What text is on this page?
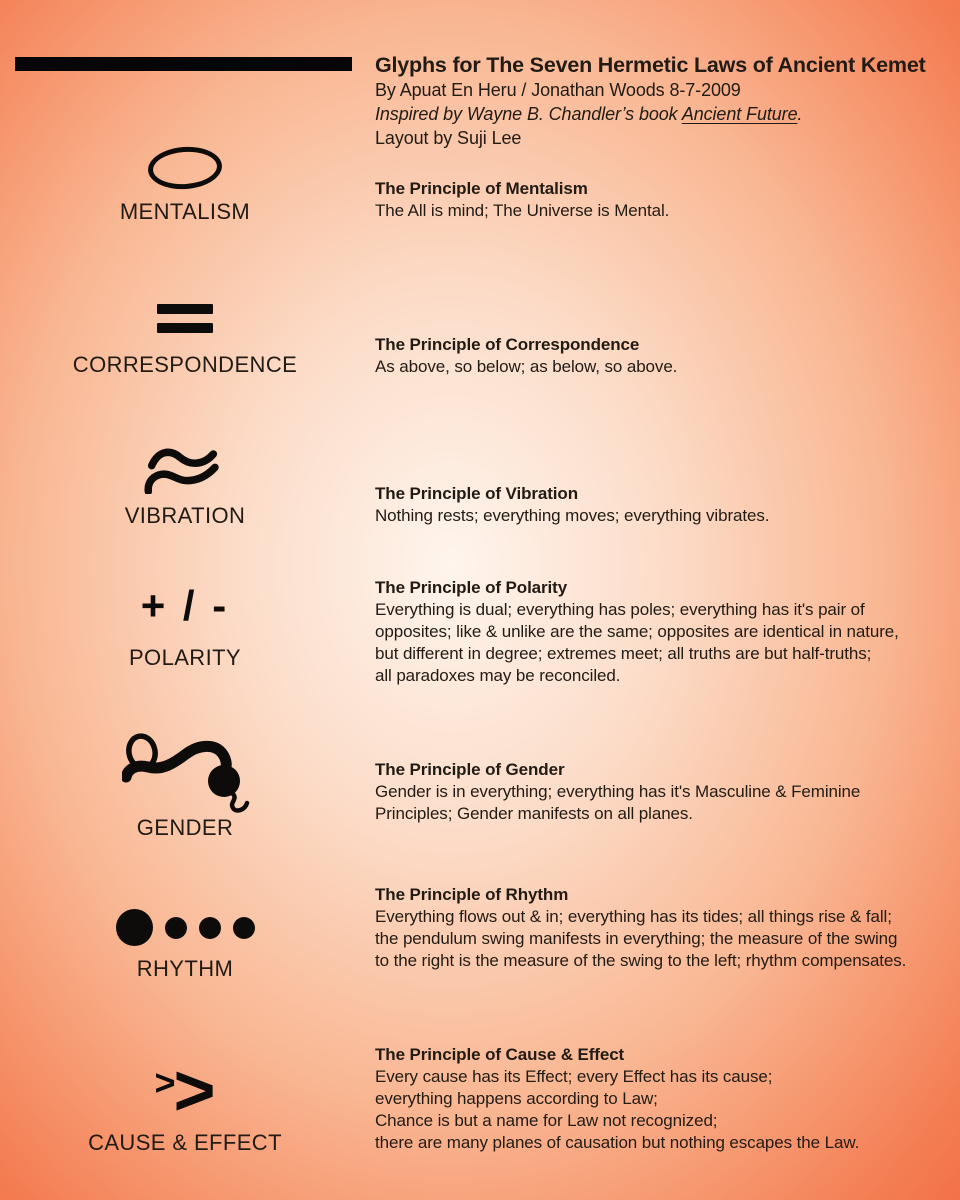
Glyphs for The Seven Hermetic Laws of Ancient Kemet
By Apuat En Heru / Jonathan Woods 8-7-2009
Inspired by Wayne B. Chandler’s book Ancient Future.
Layout by Suji Lee
MENTALISM
The Principle of Mentalism
The All is mind; The Universe is Mental.
CORRESPONDENCE
The Principle of Correspondence
As above, so below; as below, so above.
VIBRATION
The Principle of Vibration
Nothing rests; everything moves; everything vibrates.
+ / -
POLARITY
The Principle of Polarity
Everything is dual; everything has poles; everything has it's pair of
opposites; like & unlike are the same; opposites are identical in nature,
but different in degree; extremes meet; all truths are but half-truths;
all paradoxes may be reconciled.
GENDER
The Principle of Gender
Gender is in everything; everything has it's Masculine & Feminine
Principles; Gender manifests on all planes.
RHYTHM
The Principle of Rhythm
Everything flows out & in; everything has its tides; all things rise & fall;
the pendulum swing manifests in everything; the measure of the swing
to the right is the measure of the swing to the left; rhythm compensates.
>
>
CAUSE & EFFECT
The Principle of Cause & Effect
Every cause has its Effect; every Effect has its cause;
everything happens according to Law;
Chance is but a name for Law not recognized;
there are many planes of causation but nothing escapes the Law.
